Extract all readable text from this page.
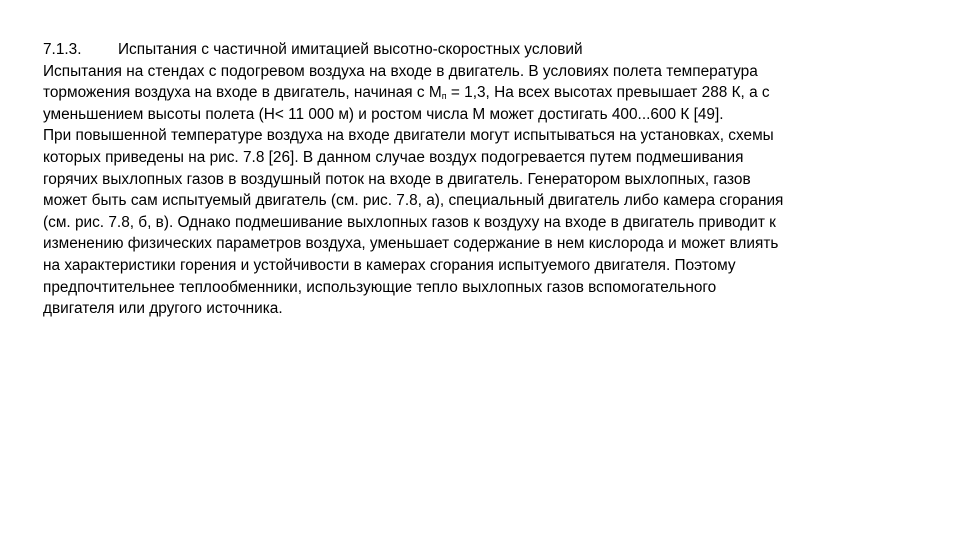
7.1.3. Испытания с частичной имитацией высотно-скоростных условий
Испытания на стендах с подогревом воздуха на входе в двигатель. В условиях полета температура
торможения воздуха на входе в двигатель, начиная с $М_п = 1,3$, На всех высотах превышает 288 К, а с
уменьшением высоты полета (Н< 11 000 м) и ростом числа М может достигать 400...600 К [49].
При повышенной температуре воздуха на входе двигатели могут испытываться на установках, схемы
которых приведены на рис. 7.8 [26]. В данном случае воздух подогревается путем подмешивания
горячих выхлопных газов в воздушный поток на входе в двигатель. Генератором выхлопных, газов
может быть сам испытуемый двигатель (см. рис. 7.8, а), специальный двигатель либо камера сгорания
(см. рис. 7.8, б, в). Однако подмешивание выхлопных газов к воздуху на входе в двигатель приводит к
изменению физических параметров воздуха, уменьшает содержание в нем кислорода и может влиять
на характеристики горения и устойчивости в камерах сгорания испытуемого двигателя. Поэтому
предпочтительнее теплообменники, использующие тепло выхлопных газов вспомогательного
двигателя или другого источника.
